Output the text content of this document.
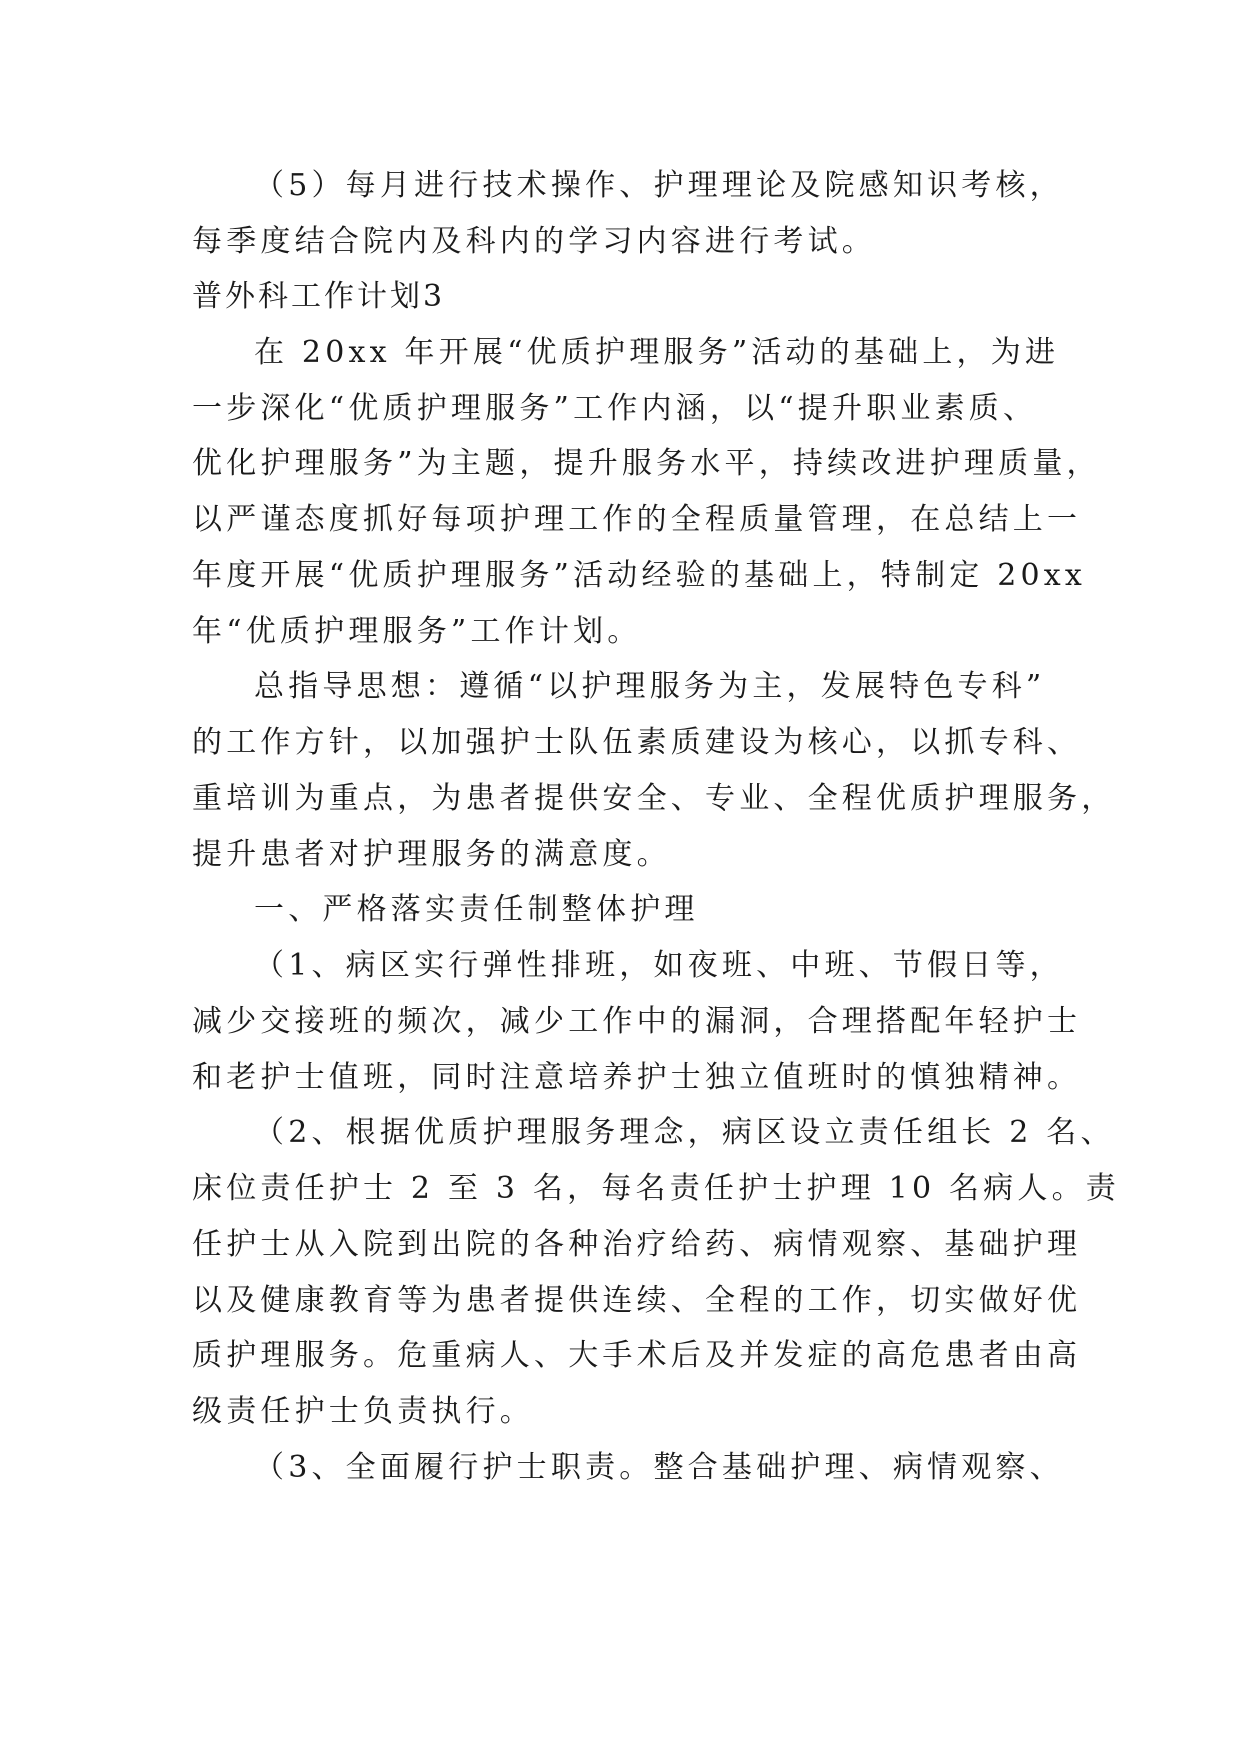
（5）每月进行技术操作、护理理论及院感知识考核，
每季度结合院内及科内的学习内容进行考试。
普外科工作计划3
在 20xx 年开展“优质护理服务”活动的基础上，为进
一步深化“优质护理服务”工作内涵，以“提升职业素质、
优化护理服务”为主题，提升服务水平，持续改进护理质量，
以严谨态度抓好每项护理工作的全程质量管理，在总结上一
年度开展“优质护理服务”活动经验的基础上，特制定 20xx
年“优质护理服务”工作计划。
总指导思想：遵循“以护理服务为主，发展特色专科”
的工作方针，以加强护士队伍素质建设为核心，以抓专科、
重培训为重点，为患者提供安全、专业、全程优质护理服务，
提升患者对护理服务的满意度。
一、严格落实责任制整体护理
（1、病区实行弹性排班，如夜班、中班、节假日等，
减少交接班的频次，减少工作中的漏洞，合理搭配年轻护士
和老护士值班，同时注意培养护士独立值班时的慎独精神。
（2、根据优质护理服务理念，病区设立责任组长 2 名、
床位责任护士 2 至 3 名，每名责任护士护理 10 名病人。责
任护士从入院到出院的各种治疗给药、病情观察、基础护理
以及健康教育等为患者提供连续、全程的工作，切实做好优
质护理服务。危重病人、大手术后及并发症的高危患者由高
级责任护士负责执行。
（3、全面履行护士职责。整合基础护理、病情观察、
